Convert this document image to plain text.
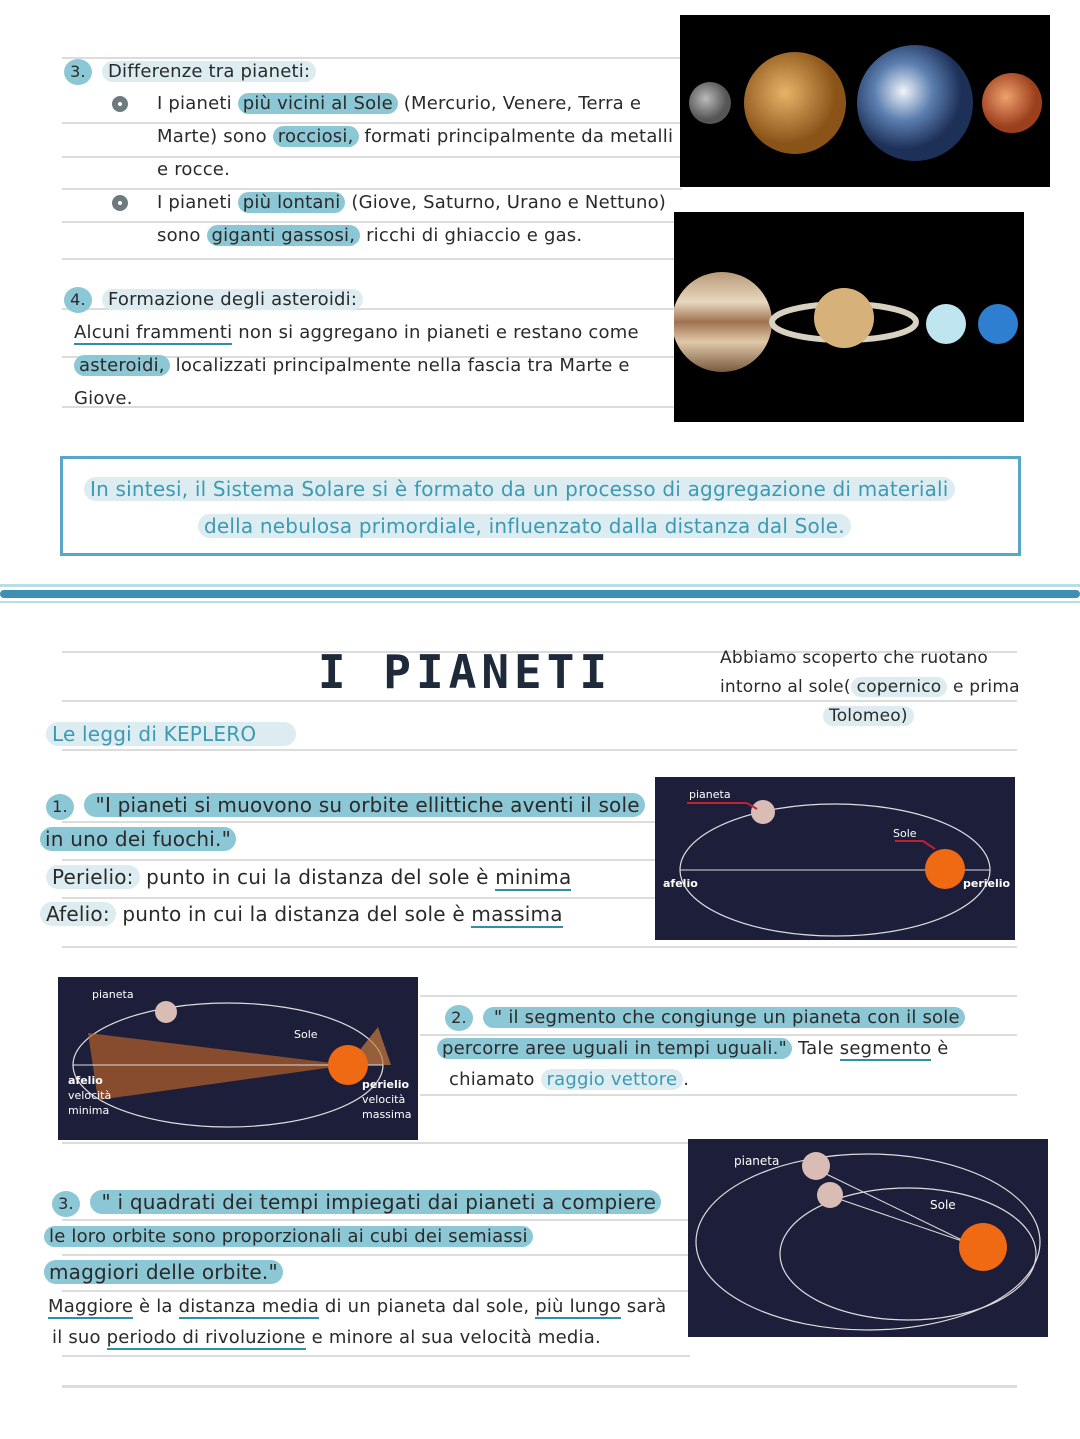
3. Differenze tra pianeti:
I pianeti più vicini al Sole (Mercurio, Venere, Terra e
Marte) sono rocciosi, formati principalmente da metalli
e rocce.
I pianeti più lontani (Giove, Saturno, Urano e Nettuno)
sono giganti gassosi, ricchi di ghiaccio e gas.
4. Formazione degli asteroidi:
Alcuni frammenti non si aggregano in pianeti e restano come
asteroidi, localizzati principalmente nella fascia tra Marte e
Giove.
In sintesi, il Sistema Solare si è formato da un processo di aggregazione di materiali
della nebulosa primordiale, influenzato dalla distanza dal Sole.
I PIANETI	Abbiamo scoperto che ruotano
intorno al sole( copernico e prima
Tolomeo)
Le leggi di KEPLERO
1. "I pianeti si muovono su orbite ellittiche aventi il sole
in uno dei fuochi."
Perielio: punto in cui la distanza del sole è minima
Afelio: punto in cui la distanza del sole è massima
pianeta
Sole
afelio	perielio
pianeta
Sole
afelio
velocità
minima
perielio
velocità
massima
2. " il segmento che congiunge un pianeta con il sole
percorre aree uguali in tempi uguali." Tale segmento è
chiamato raggio vettore .
pianeta
Sole
3. " i quadrati dei tempi impiegati dai pianeti a compiere
le loro orbite sono proporzionali ai cubi dei semiassi
maggiori delle orbite."
Maggiore è la distanza media di un pianeta dal sole, più lungo sarà
il suo periodo di rivoluzione e minore al sua velocità media.
